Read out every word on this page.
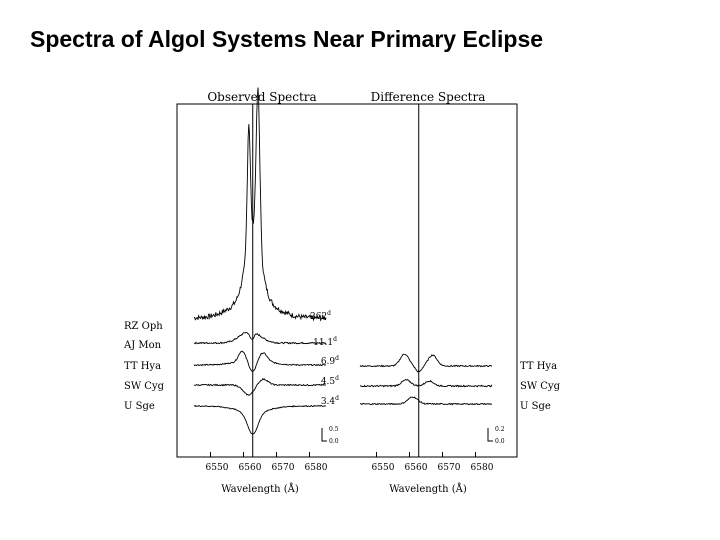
Spectra of Algol Systems Near Primary Eclipse
Observed Spectra	Difference Spectra
6550 6560 6570 6580	6550 6560 6570 6580
Wavelength (Å)	Wavelength (Å)
RZ Oph
AJ Mon
TT Hya
SW Cyg
U Sge
TT Hya
SW Cyg
U Sge
262$^d$
11.1$^d$
6.9$^d$
4.5$^d$
3.4$^d$
0.5
0.0
0.2
0.0
